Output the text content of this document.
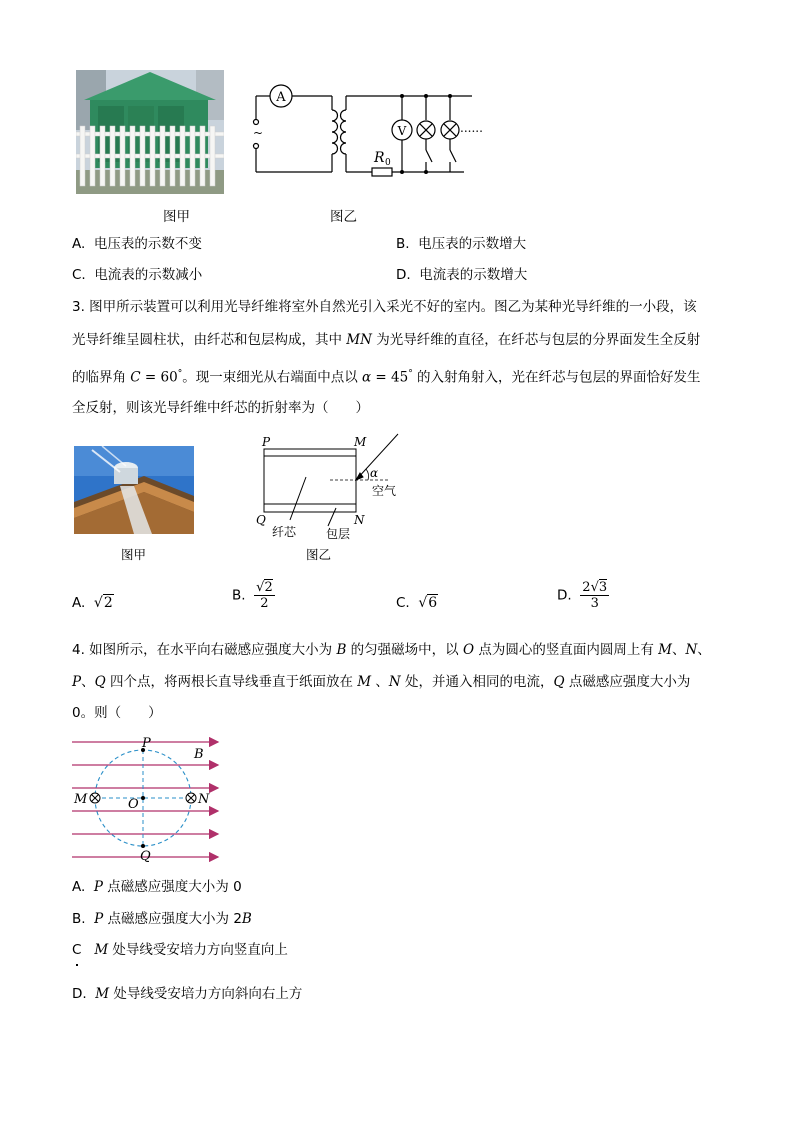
A
V
~
R 0
......
图甲	图乙
A. 电压表的示数不变	B. 电压表的示数增大
C. 电流表的示数减小	D. 电流表的示数增大
3. 图甲所示装置可以利用光导纤维将室外自然光引入采光不好的室内。图乙为某种光导纤维的一小段，该
光导纤维呈圆柱状，由纤芯和包层构成，其中 MN 为光导纤维的直径，在纤芯与包层的分界面发生全反射
的临界角 C = 60°。现一束细光从右端面中点以 α = 45° 的入射角射入，光在纤芯与包层的界面恰好发生
全反射，则该光导纤维中纤芯的折射率为（　　）
图甲
P	M
Q	N
α
空气
纤芯 包层
图乙
A. √2	B. $\frac{√2}{2}$	C. √6	D. $\frac{2√3}{3}$
4. 如图所示，在水平向右磁感应强度大小为 B 的匀强磁场中，以 O 点为圆心的竖直面内圆周上有 M、N、
P、Q 四个点，将两根长直导线垂直于纸面放在 M 、N 处，并通入相同的电流，Q 点磁感应强度大小为
0。则（　　）
P
B
M	O	N
Q
A. P 点磁感应强度大小为 0
B. P 点磁感应强度大小为 2B
C M 处导线受安培力方向竖直向上
D. M 处导线受安培力方向斜向右上方
